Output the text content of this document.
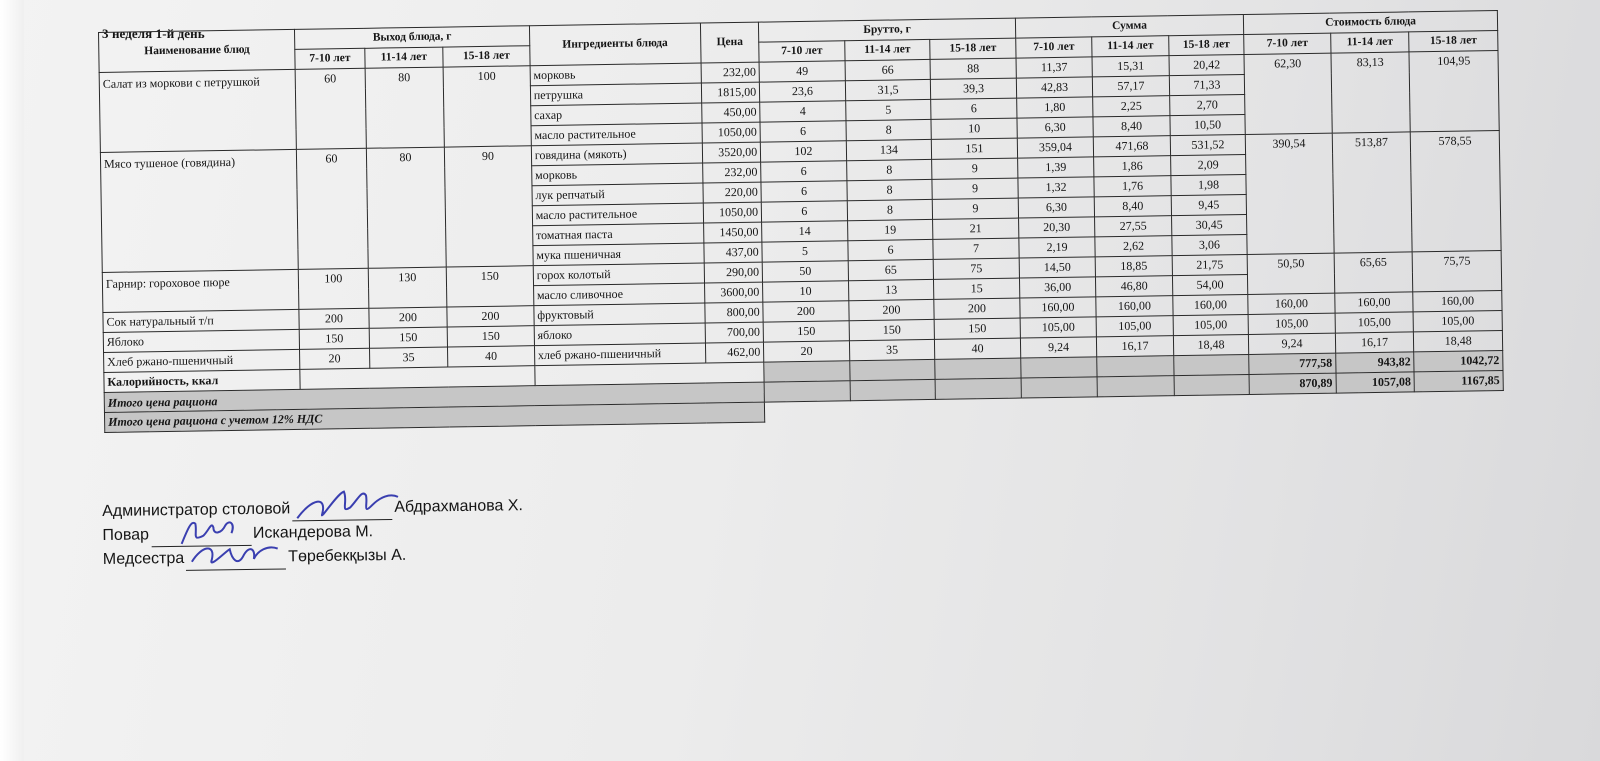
3 неделя 1-й день
Наименование блюд	Выход блюда, г			Ингредиенты блюда	Цена	Брутто, г			Сумма			Стоимость блюда		
	7-10 лет	11-14 лет	15-18 лет			7-10 лет	11-14 лет	15-18 лет	7-10 лет	11-14 лет	15-18 лет	7-10 лет	11-14 лет	15-18 лет
Салат из моркови с петрушкой	60	80	100	морковь	232,00	49	66	88	11,37	15,31	20,42	62,30	83,13	104,95
				петрушка	1815,00	23,6	31,5	39,3	42,83	57,17	71,33			
				сахар	450,00	4	5	6	1,80	2,25	2,70			
				масло растительное	1050,00	6	8	10	6,30	8,40	10,50			
Мясо тушеное (говядина)	60	80	90	говядина (мякоть)	3520,00	102	134	151	359,04	471,68	531,52	390,54	513,87	578,55
				морковь	232,00	6	8	9	1,39	1,86	2,09			
				лук репчатый	220,00	6	8	9	1,32	1,76	1,98			
				масло растительное	1050,00	6	8	9	6,30	8,40	9,45			
				томатная паста	1450,00	14	19	21	20,30	27,55	30,45			
				мука пшеничная	437,00	5	6	7	2,19	2,62	3,06			
Гарнир: гороховое пюре	100	130	150	горох колотый	290,00	50	65	75	14,50	18,85	21,75	50,50	65,65	75,75
				масло сливочное	3600,00	10	13	15	36,00	46,80	54,00			
Сок натуральный т/п	200	200	200	фруктовый	800,00	200	200	200	160,00	160,00	160,00	160,00	160,00	160,00
Яблоко	150	150	150	яблоко	700,00	150	150	150	105,00	105,00	105,00	105,00	105,00	105,00
Хлеб ржано-пшеничный	20	35	40	хлеб ржано-пшеничный	462,00	20	35	40	9,24	16,17	18,48	9,24	16,17	18,48
Калорийность, ккал												777,58	943,82	1042,72
Итого цена рациона												870,89	1057,08	1167,85
Итого цена рациона с учетом 12% НДС														
Администратор столовой	Абдрахманова Х.
Повар	Искандерова М.
Медсестра	Төребекқызы А.
